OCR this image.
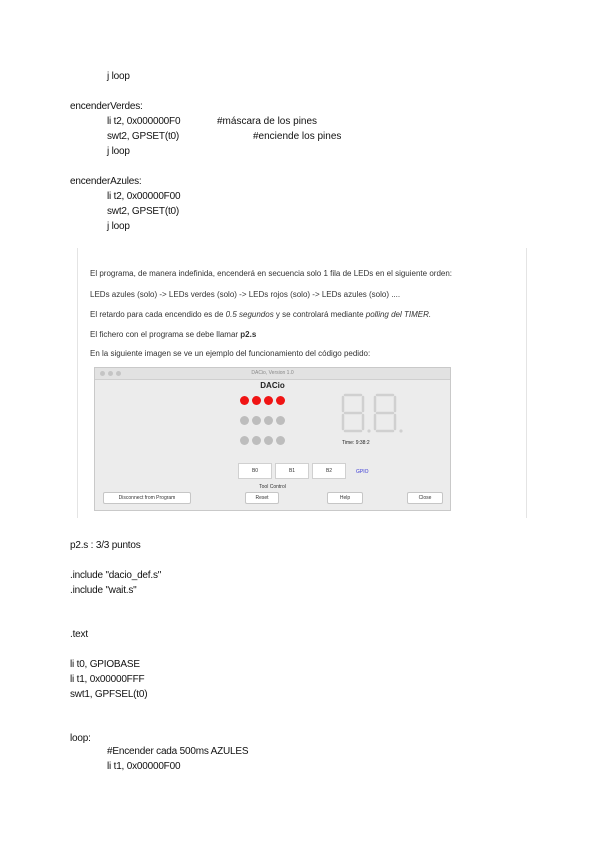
j loop
encenderVerdes:
li t2, 0x000000F0	#máscara de los pines
swt2, GPSET(t0)	#enciende los pines
j loop
encenderAzules:
li t2, 0x00000F00
swt2, GPSET(t0)
j loop
El programa, de manera indefinida, encenderá en secuencia solo 1 fila de LEDs en el siguiente orden:
LEDs azules (solo) -> LEDs verdes (solo) -> LEDs rojos (solo) -> LEDs azules (solo) ....
El retardo para cada encendido es de 0.5 segundos y se controlará mediante polling del TIMER.
El fichero con el programa se debe llamar p2.s
En la siguiente imagen se ve un ejemplo del funcionamiento del código pedido:
DACio, Version 1.0
DACio
Time: 9:38:2
B0	B1	B2	GPIO
Tool Control
Disconnect from Program	Reset	Help	Close
p2.s : 3/3 puntos
.include "dacio_def.s"
.include "wait.s"
.text
li t0, GPIOBASE
li t1, 0x00000FFF
swt1, GPFSEL(t0)
loop:
#Encender cada 500ms AZULES
li t1, 0x00000F00
